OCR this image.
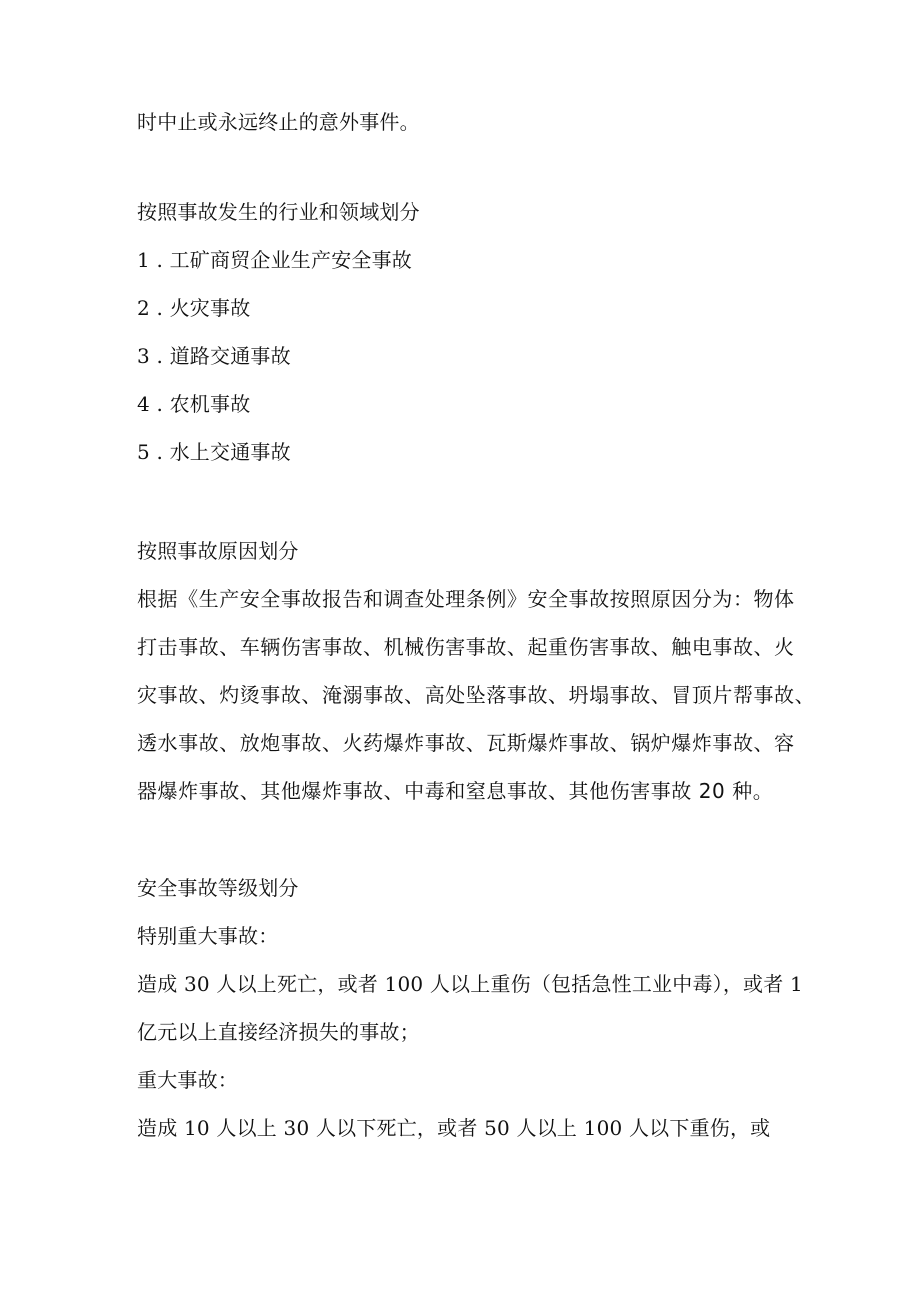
时中止或永远终止的意外事件。
按照事故发生的行业和领域划分
1 . 工矿商贸企业生产安全事故
2 . 火灾事故
3 . 道路交通事故
4 . 农机事故
5 . 水上交通事故
按照事故原因划分
根据《生产安全事故报告和调查处理条例》安全事故按照原因分为：物体
打击事故、车辆伤害事故、机械伤害事故、起重伤害事故、触电事故、火
灾事故、灼烫事故、淹溺事故、高处坠落事故、坍塌事故、冒顶片帮事故、
透水事故、放炮事故、火药爆炸事故、瓦斯爆炸事故、锅炉爆炸事故、容
器爆炸事故、其他爆炸事故、中毒和窒息事故、其他伤害事故 20 种。
安全事故等级划分
特别重大事故：
造成 30 人以上死亡，或者 100 人以上重伤（包括急性工业中毒），或者 1
亿元以上直接经济损失的事故；
重大事故：
造成 10 人以上 30 人以下死亡，或者 50 人以上 100 人以下重伤，或
